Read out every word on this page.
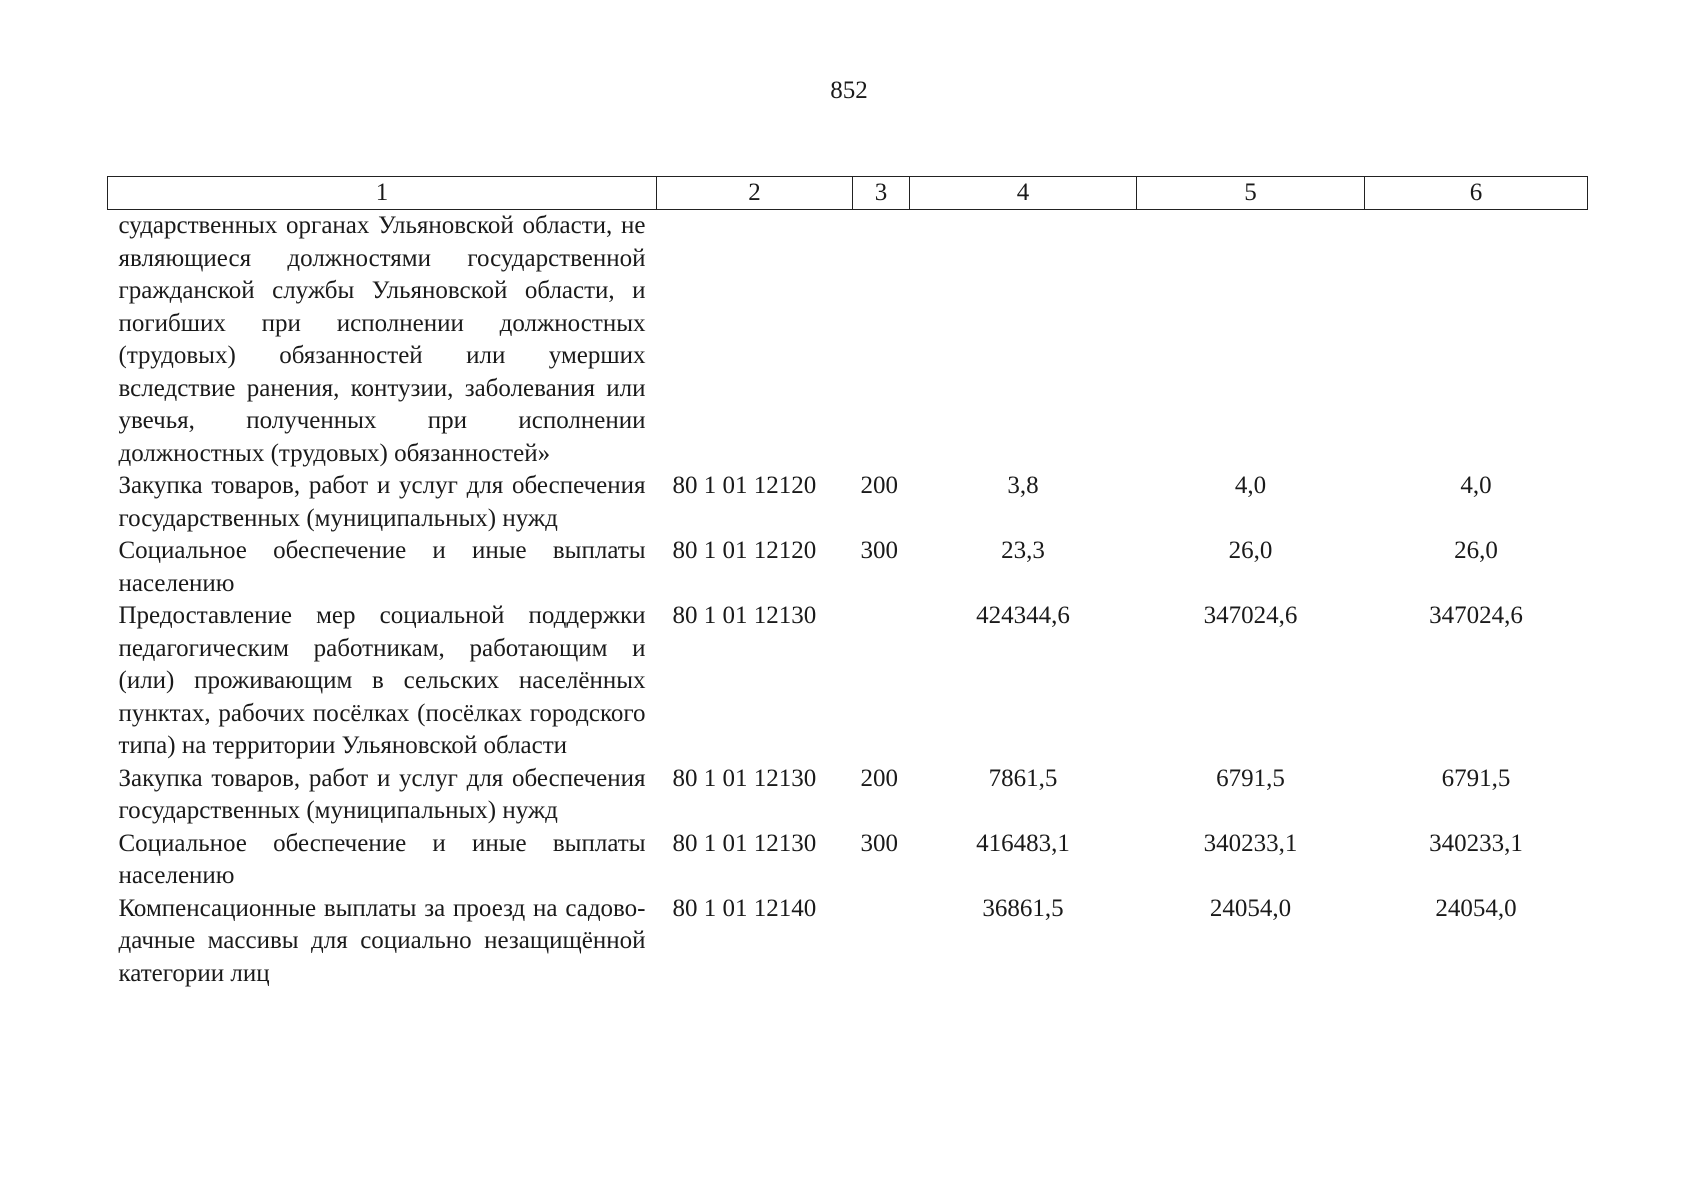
852
1	2	3	4	5	6
сударственных органах Ульяновской области, не являющиеся должностями государственной гражданской службы Ульяновской области, и погибших при исполнении должностных (трудовых) обязанностей или умерших вследствие ранения, контузии, заболевания или увечья, полученных при исполнении должностных (трудовых) обязанностей»					
Закупка товаров, работ и услуг для обеспечения государственных (муниципальных) нужд	80 1 01 12120	200	3,8	4,0	4,0
Социальное обеспечение и иные выплаты населению	80 1 01 12120	300	23,3	26,0	26,0
Предоставление мер социальной поддержки педагогическим работникам, работающим и (или) проживающим в сельских населённых пунктах, рабочих посёлках (посёлках городского типа) на территории Ульяновской области	80 1 01 12130		424344,6	347024,6	347024,6
Закупка товаров, работ и услуг для обеспечения государственных (муниципальных) нужд	80 1 01 12130	200	7861,5	6791,5	6791,5
Социальное обеспечение и иные выплаты населению	80 1 01 12130	300	416483,1	340233,1	340233,1
Компенсационные выплаты за проезд на садово-дачные массивы для социально незащищённой категории лиц	80 1 01 12140		36861,5	24054,0	24054,0
